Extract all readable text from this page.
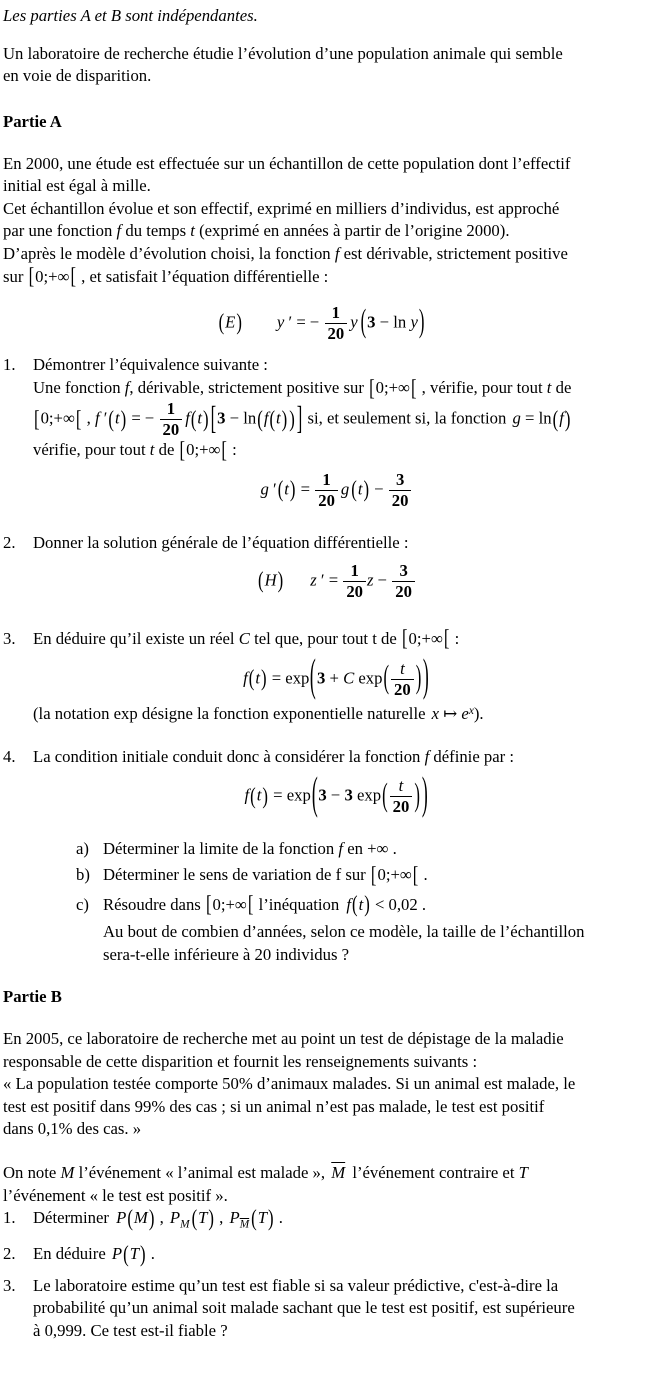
Les parties A et B sont indépendantes.

Un laboratoire de recherche étudie l’évolution d’une population animale qui semble
en voie de disparition.

Partie A

En 2000, une étude est effectuée sur un échantillon de cette population dont l’effectif
initial est égal à mille.
Cet échantillon évolue et son effectif, exprimé en milliers d’individus, est approché
par une fonction f du temps t (exprimé en années à partir de l’origine 2000).
D’après le modèle d’évolution choisi, la fonction f est dérivable, strictement positive
sur [0;+∞[ , et satisfait l’équation différentielle :
(E) y ′ = − $\frac{1}{20}$ y (3 − ln y)
1.	Démontrer l’équivalence suivante :
Une fonction f, dérivable, strictement positive sur [0;+∞[ , vérifie, pour tout t de
[0;+∞[ , f ′(t) = − $\frac{1}{20} f(t) [3 - \ln(f(t)$ ) ] si, et seulement si, la fonction g = ln(f)
vérifie, pour tout t de [0;+∞[ :
g $'(t) = \frac{1}{20}$ g $(t) - \frac{3}{20}$
2.	Donner la solution générale de l’équation différentielle :
(H) z ′ = $\frac{1}{20}$ $z - \frac{3}{20}$
3.	En déduire qu’il existe un réel C tel que, pour tout t de [0;+∞[ :
f(t) = exp(3 + C $\exp( \frac{t}{20}$ ) )
(la notation exp désigne la fonction exponentielle naturelle x ↦ $e^x$).
4.	La condition initiale conduit donc à considérer la fonction f définie par :
f(t) = exp(3 − 3 $\exp( \frac{t}{20}$ ) )
a) Déterminer la limite de la fonction f en +∞ .
b) Déterminer le sens de variation de f sur [0;+∞[ .
c) Résoudre dans [0;+∞[ l’inéquation f(t) < 0,02 .
Au bout de combien d’années, selon ce modèle, la taille de l’échantillon
sera-t-elle inférieure à 20 individus ?

Partie B

En 2005, ce laboratoire de recherche met au point un test de dépistage de la maladie
responsable de cette disparition et fournit les renseignements suivants :
« La population testée comporte 50% d’animaux malades. Si un animal est malade, le
test est positif dans 99% des cas ; si un animal n’est pas malade, le test est positif
dans 0,1% des cas. »

On note M l’événement « l’animal est malade », $\overline{M}$ l’événement contraire et T
l’événement « le test est positif ».
1.	Déterminer P(M) , $P_M$ (T) , $P_{\overline{M}}$ (T) .
2.	En déduire P(T) .
3.	Le laboratoire estime qu’un test est fiable si sa valeur prédictive, c'est-à-dire la
probabilité qu’un animal soit malade sachant que le test est positif, est supérieure
à 0,999. Ce test est-il fiable ?
